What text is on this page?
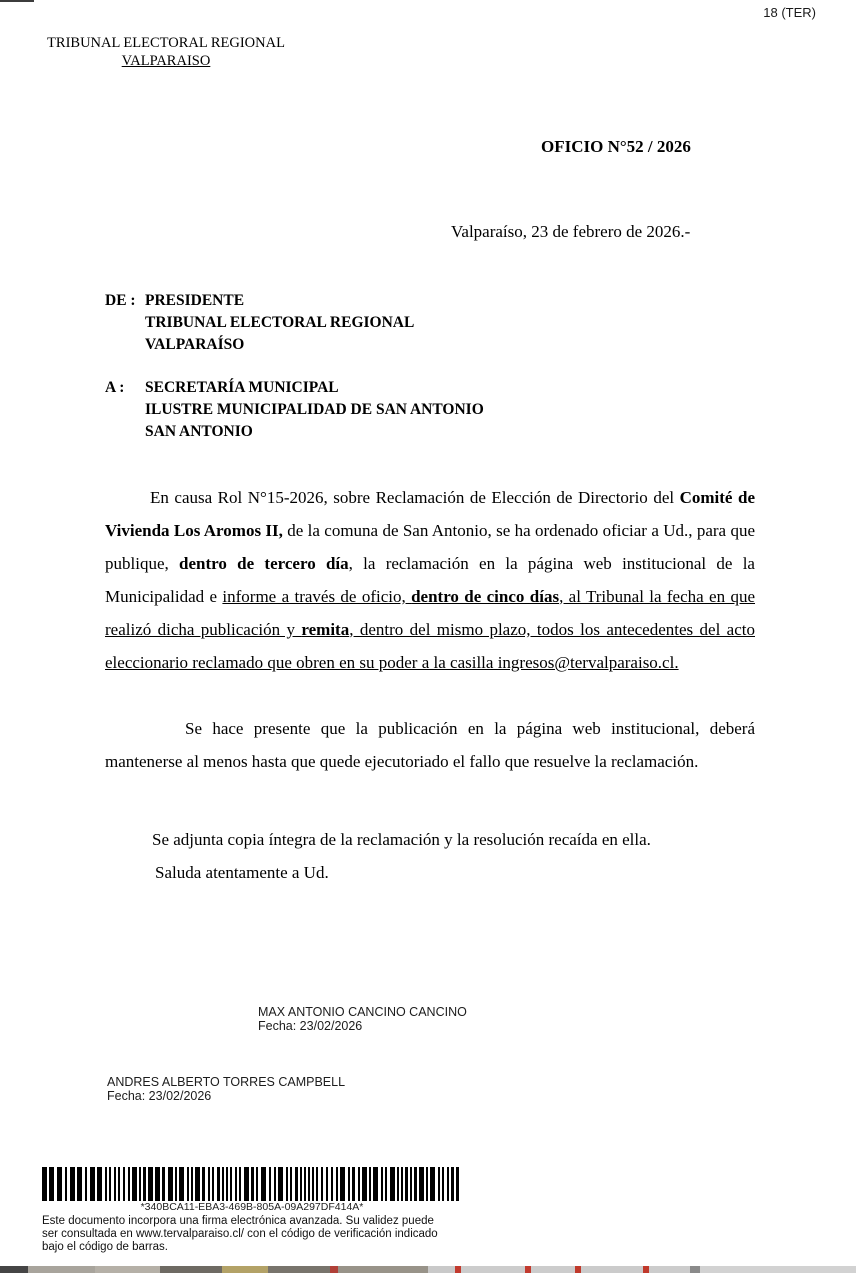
18 (TER)
TRIBUNAL ELECTORAL REGIONAL
VALPARAISO
OFICIO N°52 / 2026
Valparaíso, 23 de febrero de 2026.-
DE : PRESIDENTE
TRIBUNAL ELECTORAL REGIONAL
VALPARAÍSO
A :	SECRETARÍA MUNICIPAL
ILUSTRE MUNICIPALIDAD DE SAN ANTONIO
SAN ANTONIO
En causa Rol N°15-2026, sobre Reclamación de Elección de Directorio del Comité de Vivienda Los Aromos II, de la comuna de San Antonio, se ha ordenado oficiar a Ud., para que publique, dentro de tercero día, la reclamación en la página web institucional de la Municipalidad e informe a través de oficio, dentro de cinco días, al Tribunal la fecha en que realizó dicha publicación y remita, dentro del mismo plazo, todos los antecedentes del acto eleccionario reclamado que obren en su poder a la casilla ingresos@tervalparaiso.cl.
Se hace presente que la publicación en la página web institucional, deberá mantenerse al menos hasta que quede ejecutoriado el fallo que resuelve la reclamación.
Se adjunta copia íntegra de la reclamación y la resolución recaída en ella.
Saluda atentamente a Ud.
MAX ANTONIO CANCINO CANCINO
Fecha: 23/02/2026
ANDRES ALBERTO TORRES CAMPBELL
Fecha: 23/02/2026
*340BCA11-EBA3-469B-805A-09A297DF414A*
Este documento incorpora una firma electrónica avanzada. Su validez puede
ser consultada en www.tervalparaiso.cl/ con el código de verificación indicado
bajo el código de barras.
